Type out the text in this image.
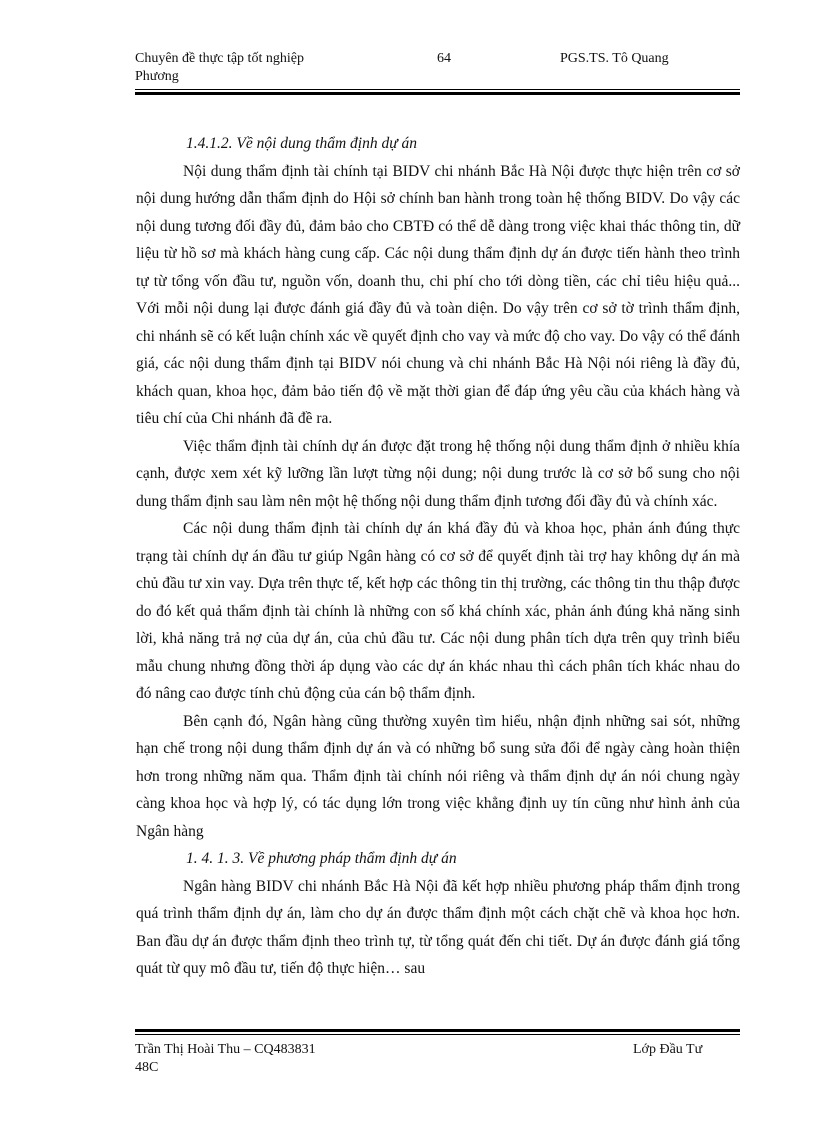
Chuyên đề thực tập tốt nghiệp	64	PGS.TS. Tô Quang
Phương

1.4.1.2. Về nội dung thẩm định dự án

Nội dung thẩm định tài chính tại BIDV chi nhánh Bắc Hà Nội được thực hiện trên cơ sở nội dung hướng dẫn thẩm định do Hội sở chính ban hành trong toàn hệ thống BIDV. Do vậy các nội dung tương đối đầy đủ, đảm bảo cho CBTĐ có thể dễ dàng trong việc khai thác thông tin, dữ liệu từ hồ sơ mà khách hàng cung cấp. Các nội dung thẩm định dự án được tiến hành theo trình tự từ tổng vốn đầu tư, nguồn vốn, doanh thu, chi phí cho tới dòng tiền, các chỉ tiêu hiệu quả... Với mỗi nội dung lại được đánh giá đầy đủ và toàn diện. Do vậy trên cơ sở tờ trình thẩm định, chi nhánh sẽ có kết luận chính xác về quyết định cho vay và mức độ cho vay. Do vậy có thể đánh giá, các nội dung thẩm định tại BIDV nói chung và chi nhánh Bắc Hà Nội nói riêng là đầy đủ, khách quan, khoa học, đảm bảo tiến độ về mặt thời gian để đáp ứng yêu cầu của khách hàng và tiêu chí của Chi nhánh đã đề ra.

Việc thẩm định tài chính dự án được đặt trong hệ thống nội dung thẩm định ở nhiều khía cạnh, được xem xét kỹ lưỡng lần lượt từng nội dung; nội dung trước là cơ sở bổ sung cho nội dung thẩm định sau làm nên một hệ thống nội dung thẩm định tương đối đầy đủ và chính xác.

Các nội dung thẩm định tài chính dự án khá đầy đủ và khoa học, phản ánh đúng thực trạng tài chính dự án đầu tư giúp Ngân hàng có cơ sở để quyết định tài trợ hay không dự án mà chủ đầu tư xin vay. Dựa trên thực tế, kết hợp các thông tin thị trường, các thông tin thu thập được do đó kết quả thẩm định tài chính là những con số khá chính xác, phản ánh đúng khả năng sinh lời, khả năng trả nợ của dự án, của chủ đầu tư. Các nội dung phân tích dựa trên quy trình biểu mẫu chung nhưng đồng thời áp dụng vào các dự án khác nhau thì cách phân tích khác nhau do đó nâng cao được tính chủ động của cán bộ thẩm định.

Bên cạnh đó, Ngân hàng cũng thường xuyên tìm hiểu, nhận định những sai sót, những hạn chế trong nội dung thẩm định dự án và có những bổ sung sửa đổi để ngày càng hoàn thiện hơn trong những năm qua. Thẩm định tài chính nói riêng và thẩm định dự án nói chung ngày càng khoa học và hợp lý, có tác dụng lớn trong việc khẳng định uy tín cũng như hình ảnh của Ngân hàng

1. 4. 1. 3. Về phương pháp thẩm định dự án

Ngân hàng BIDV chi nhánh Bắc Hà Nội đã kết hợp nhiều phương pháp thẩm định trong quá trình thẩm định dự án, làm cho dự án được thẩm định một cách chặt chẽ và khoa học hơn. Ban đầu dự án được thẩm định theo trình tự, từ tổng quát đến chi tiết. Dự án được đánh giá tổng quát từ quy mô đầu tư, tiến độ thực hiện… sau

Trần Thị Hoài Thu – CQ483831	Lớp Đầu Tư
48C
